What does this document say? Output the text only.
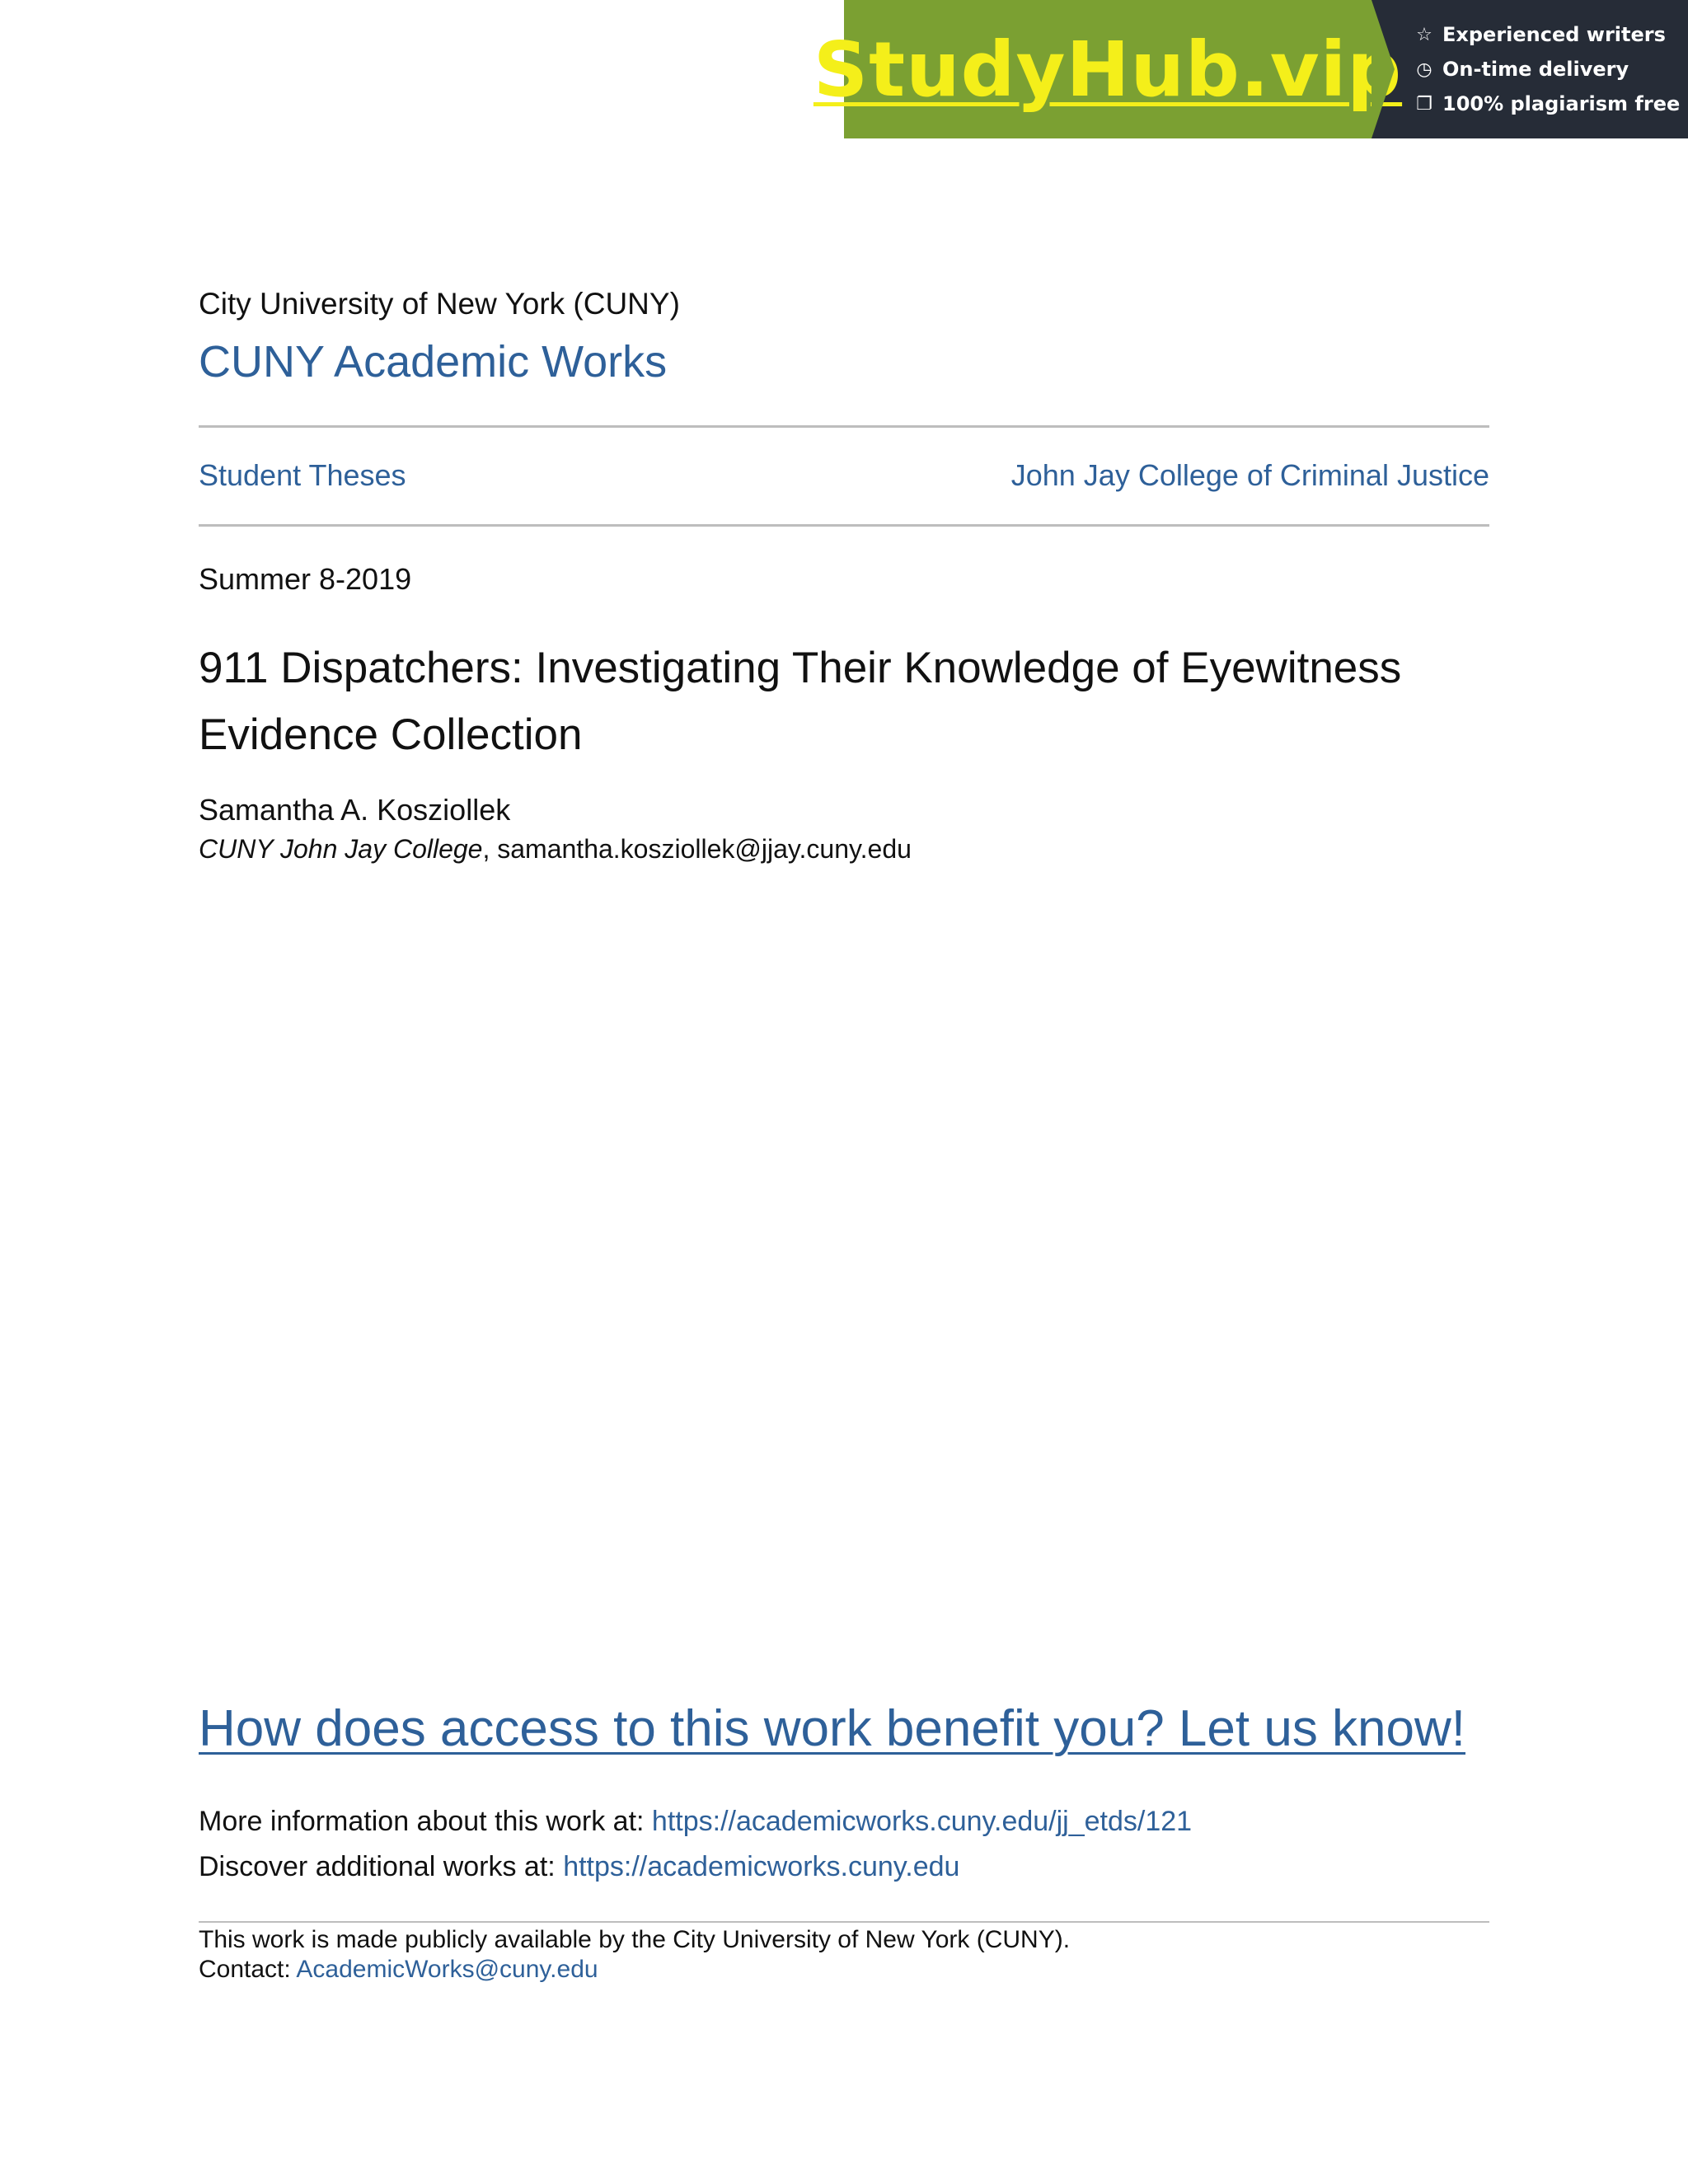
StudyHub.vip ☆ Experienced writers
◷ On-time delivery
❐ 100% plagiarism free
City University of New York (CUNY)
CUNY Academic Works
Student Theses	John Jay College of Criminal Justice
Summer 8-2019
911 Dispatchers: Investigating Their Knowledge of Eyewitness Evidence Collection
Samantha A. Kosziollek
CUNY John Jay College, samantha.kosziollek@jjay.cuny.edu
How does access to this work benefit you? Let us know!
More information about this work at: https://academicworks.cuny.edu/jj_etds/121
Discover additional works at: https://academicworks.cuny.edu
This work is made publicly available by the City University of New York (CUNY).
Contact: AcademicWorks@cuny.edu
